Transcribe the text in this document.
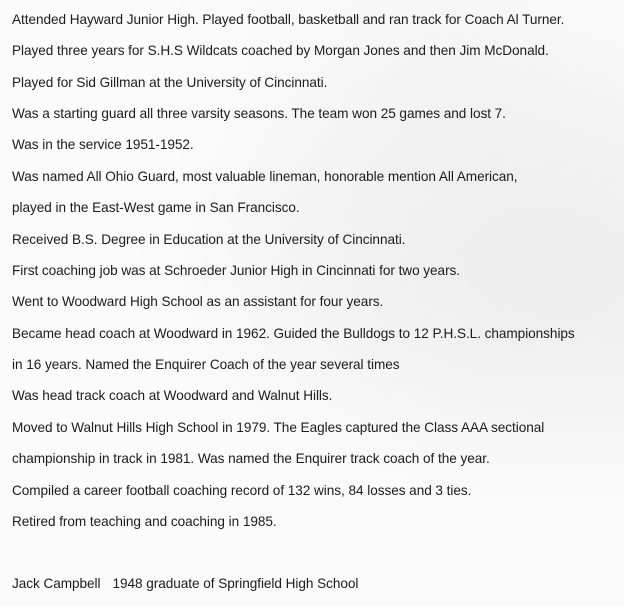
Attended Hayward Junior High. Played football, basketball and ran track for Coach Al Turner.
Played three years for S.H.S Wildcats coached by Morgan Jones and then Jim McDonald.
Played for Sid Gillman at the University of Cincinnati.
Was a starting guard all three varsity seasons. The team won 25 games and lost 7.
Was in the service 1951-1952.
Was named All Ohio Guard, most valuable lineman, honorable mention All American,
played in the East-West game in San Francisco.
Received B.S. Degree in Education at the University of Cincinnati.
First coaching job was at Schroeder Junior High in Cincinnati for two years.
Went to Woodward High School as an assistant for four years.
Became head coach at Woodward in 1962. Guided the Bulldogs to 12 P.H.S.L. championships
in 16 years. Named the Enquirer Coach of the year several times
Was head track coach at Woodward and Walnut Hills.
Moved to Walnut Hills High School in 1979. The Eagles captured the Class AAA sectional
championship in track in 1981. Was named the Enquirer track coach of the year.
Compiled a career football coaching record of 132 wins, 84 losses and 3 ties.
Retired from teaching and coaching in 1985.
Jack Campbell 1948 graduate of Springfield High School
